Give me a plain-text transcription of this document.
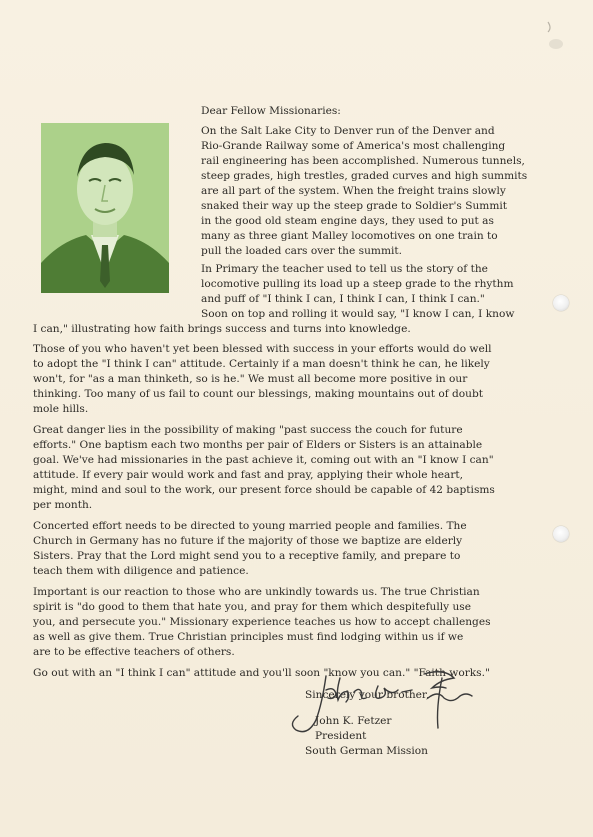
Dear Fellow Missionaries:
On the Salt Lake City to Denver run of the Denver and
Rio-Grande Railway some of America's most challenging
rail engineering has been accomplished. Numerous tunnels,
steep grades, high trestles, graded curves and high summits
are all part of the system. When the freight trains slowly
snaked their way up the steep grade to Soldier's Summit
in the good old steam engine days, they used to put as
many as three giant Malley locomotives on one train to
pull the loaded cars over the summit.
In Primary the teacher used to tell us the story of the
locomotive pulling its load up a steep grade to the rhythm
and puff of "I think I can, I think I can, I think I can."
Soon on top and rolling it would say, "I know I can, I know
I can," illustrating how faith brings success and turns into knowledge.
Those of you who haven't yet been blessed with success in your efforts would do well
to adopt the "I think I can" attitude. Certainly if a man doesn't think he can, he likely
won't, for "as a man thinketh, so is he." We must all become more positive in our
thinking. Too many of us fail to count our blessings, making mountains out of doubt
mole hills.
Great danger lies in the possibility of making "past success the couch for future
efforts." One baptism each two months per pair of Elders or Sisters is an attainable
goal. We've had missionaries in the past achieve it, coming out with an "I know I can"
attitude. If every pair would work and fast and pray, applying their whole heart,
might, mind and soul to the work, our present force should be capable of 42 baptisms
per month.
Concerted effort needs to be directed to young married people and families. The
Church in Germany has no future if the majority of those we baptize are elderly
Sisters. Pray that the Lord might send you to a receptive family, and prepare to
teach them with diligence and patience.
Important is our reaction to those who are unkindly towards us. The true Christian
spirit is "do good to them that hate you, and pray for them which despitefully use
you, and persecute you." Missionary experience teaches us how to accept challenges
as well as give them. True Christian principles must find lodging within us if we
are to be effective teachers of others.
Go out with an "I think I can" attitude and you'll soon "know you can." "Faith works."
Sincerely your brother,
John K. Fetzer
President
South German Mission
